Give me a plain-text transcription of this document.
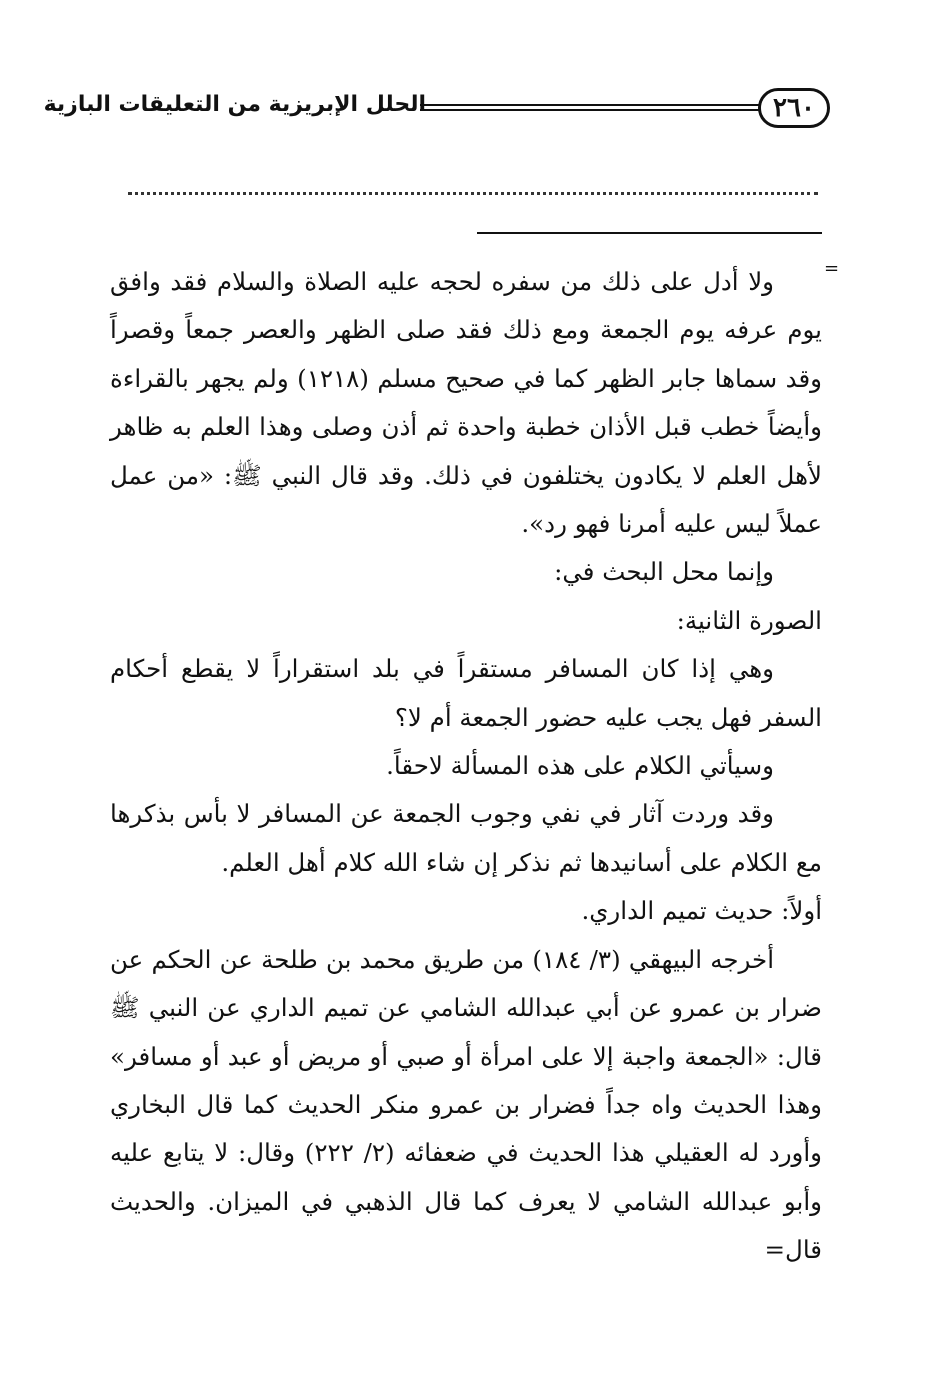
٢٦٠
الحلل الإبريزية من التعليقات البازية
=

ولا أدل على ذلك من سفره لحجه عليه الصلاة والسلام فقد وافق يوم عرفه يوم الجمعة ومع ذلك فقد صلى الظهر والعصر جمعاً وقصراً وقد سماها جابر الظهر كما في صحيح مسلم (١٢١٨) ولم يجهر بالقراءة وأيضاً خطب قبل الأذان خطبة واحدة ثم أذن وصلى وهذا العلم به ظاهر لأهل العلم لا يكادون يختلفون في ذلك. وقد قال النبي ﷺ: «من عمل عملاً ليس عليه أمرنا فهو رد».

وإنما محل البحث في:

الصورة الثانية:

وهي إذا كان المسافر مستقراً في بلد استقراراً لا يقطع أحكام السفر فهل يجب عليه حضور الجمعة أم لا؟

وسيأتي الكلام على هذه المسألة لاحقاً.

وقد وردت آثار في نفي وجوب الجمعة عن المسافر لا بأس بذكرها مع الكلام على أسانيدها ثم نذكر إن شاء الله كلام أهل العلم.

أولاً: حديث تميم الداري.

أخرجه البيهقي (٣/ ١٨٤) من طريق محمد بن طلحة عن الحكم عن ضرار بن عمرو عن أبي عبدالله الشامي عن تميم الداري عن النبي ﷺ قال: «الجمعة واجبة إلا على امرأة أو صبي أو مريض أو عبد أو مسافر» وهذا الحديث واه جداً فضرار بن عمرو منكر الحديث كما قال البخاري وأورد له العقيلي هذا الحديث في ضعفائه (٢/ ٢٢٢) وقال: لا يتابع عليه وأبو عبدالله الشامي لا يعرف كما قال الذهبي في الميزان. والحديث قال=
